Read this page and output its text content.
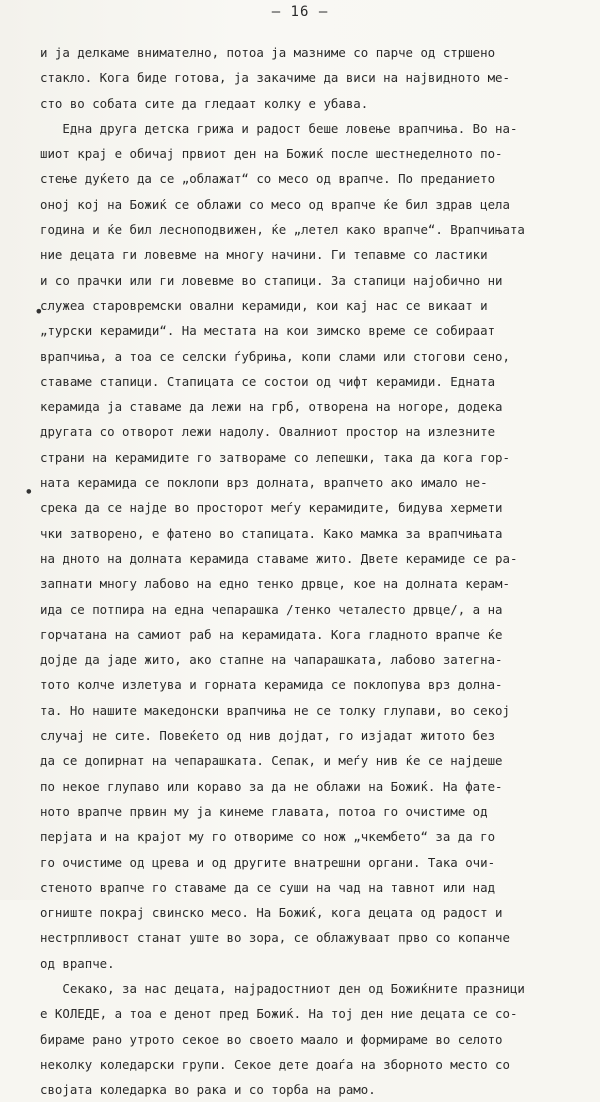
– 16 –
и ја делкаме внимателно, потоа ја мазниме со парче од стршено
стакло. Кога биде готова, ја закачиме да виси на највидното ме-
сто во собата сите да гледаат колку е убава.
Една друга детска грижа и радост беше ловење врапчиња. Во на-
шиот крај е обичај првиот ден на Божиќ после шестнеделното по-
стење дуќето да се „облажат“ со месо од врапче. По преданието
оној кој на Божиќ се облажи со месо од врапче ќе бил здрав цела
година и ќе бил лесноподвижен, ќе „летел како врапче“. Врапчињата
ние децата ги ловевме на многу начини. Ги тепавме со ластики
и со прачки или ги ловевме во стапици. За стапици најобично ни
служеа старовремски овални керамиди, кои кај нас се викаат и
„турски керамиди“. На местата на кои зимско време се собираат
врапчиња, а тоа се селски ѓубриња, копи слами или стогови сено,
ставаме стапици. Стапицата се состои од чифт керамиди. Едната
керамида ја ставаме да лежи на грб, отворена на ногоре, додека
другата со отворот лежи надолу. Овалниот простор на излезните
страни на керамидите го затвораме со лепешки, така да кога гор-
ната керамида се поклопи врз долната, врапчето ако имало не-
срека да се најде во просторот меѓу керамидите, бидува хермети
чки затворено, е фатено во стапицата. Како мамка за врапчињата
на дното на долната керамида ставаме жито. Двете керамиде се ра-
запнати многу лабово на едно тенко дрвце, кое на долната керам-
ида се потпира на една чепарашка /тенко четалесто дрвце/, а на
горчатана на самиот раб на керамидата. Кога гладното врапче ќе
дојде да јаде жито, ако стапне на чапарашката, лабово затегна-
тото колче излетува и горната керамида се поклопува врз долна-
та. Но нашите македонски врапчиња не се толку глупави, во секој
случај не сите. Повеќето од нив дојдат, го изјадат житото без
да се допирнат на чепарашката. Сепак, и меѓу нив ќе се најдеше
по некое глупаво или кораво за да не облажи на Божиќ. На фате-
ното врапче првин му ја кинеме главата, потоа го очистиме од
перјата и на крајот му го отвориме со нож „чкембето“ за да го
го очистиме од црева и од другите внатрешни органи. Така очи-
стеното врапче го ставаме да се суши на чад на тавнот или над
огниште покрај свинско месо. На Божиќ, кога децата од радост и
нестрпливост станат уште во зора, се облажуваат прво со копанче
од врапче.
Секако, за нас децата, најрадостниот ден од Божиќните празници
е КОЛЕДЕ, а тоа е денот пред Божиќ. На тој ден ние децата се со-
бираме рано утрото секое во своето маало и формираме во селото
неколку коледарски групи. Секое дете доаѓа на зборното место со
својата коледарка во рака и со торба на рамо.
•
∙
